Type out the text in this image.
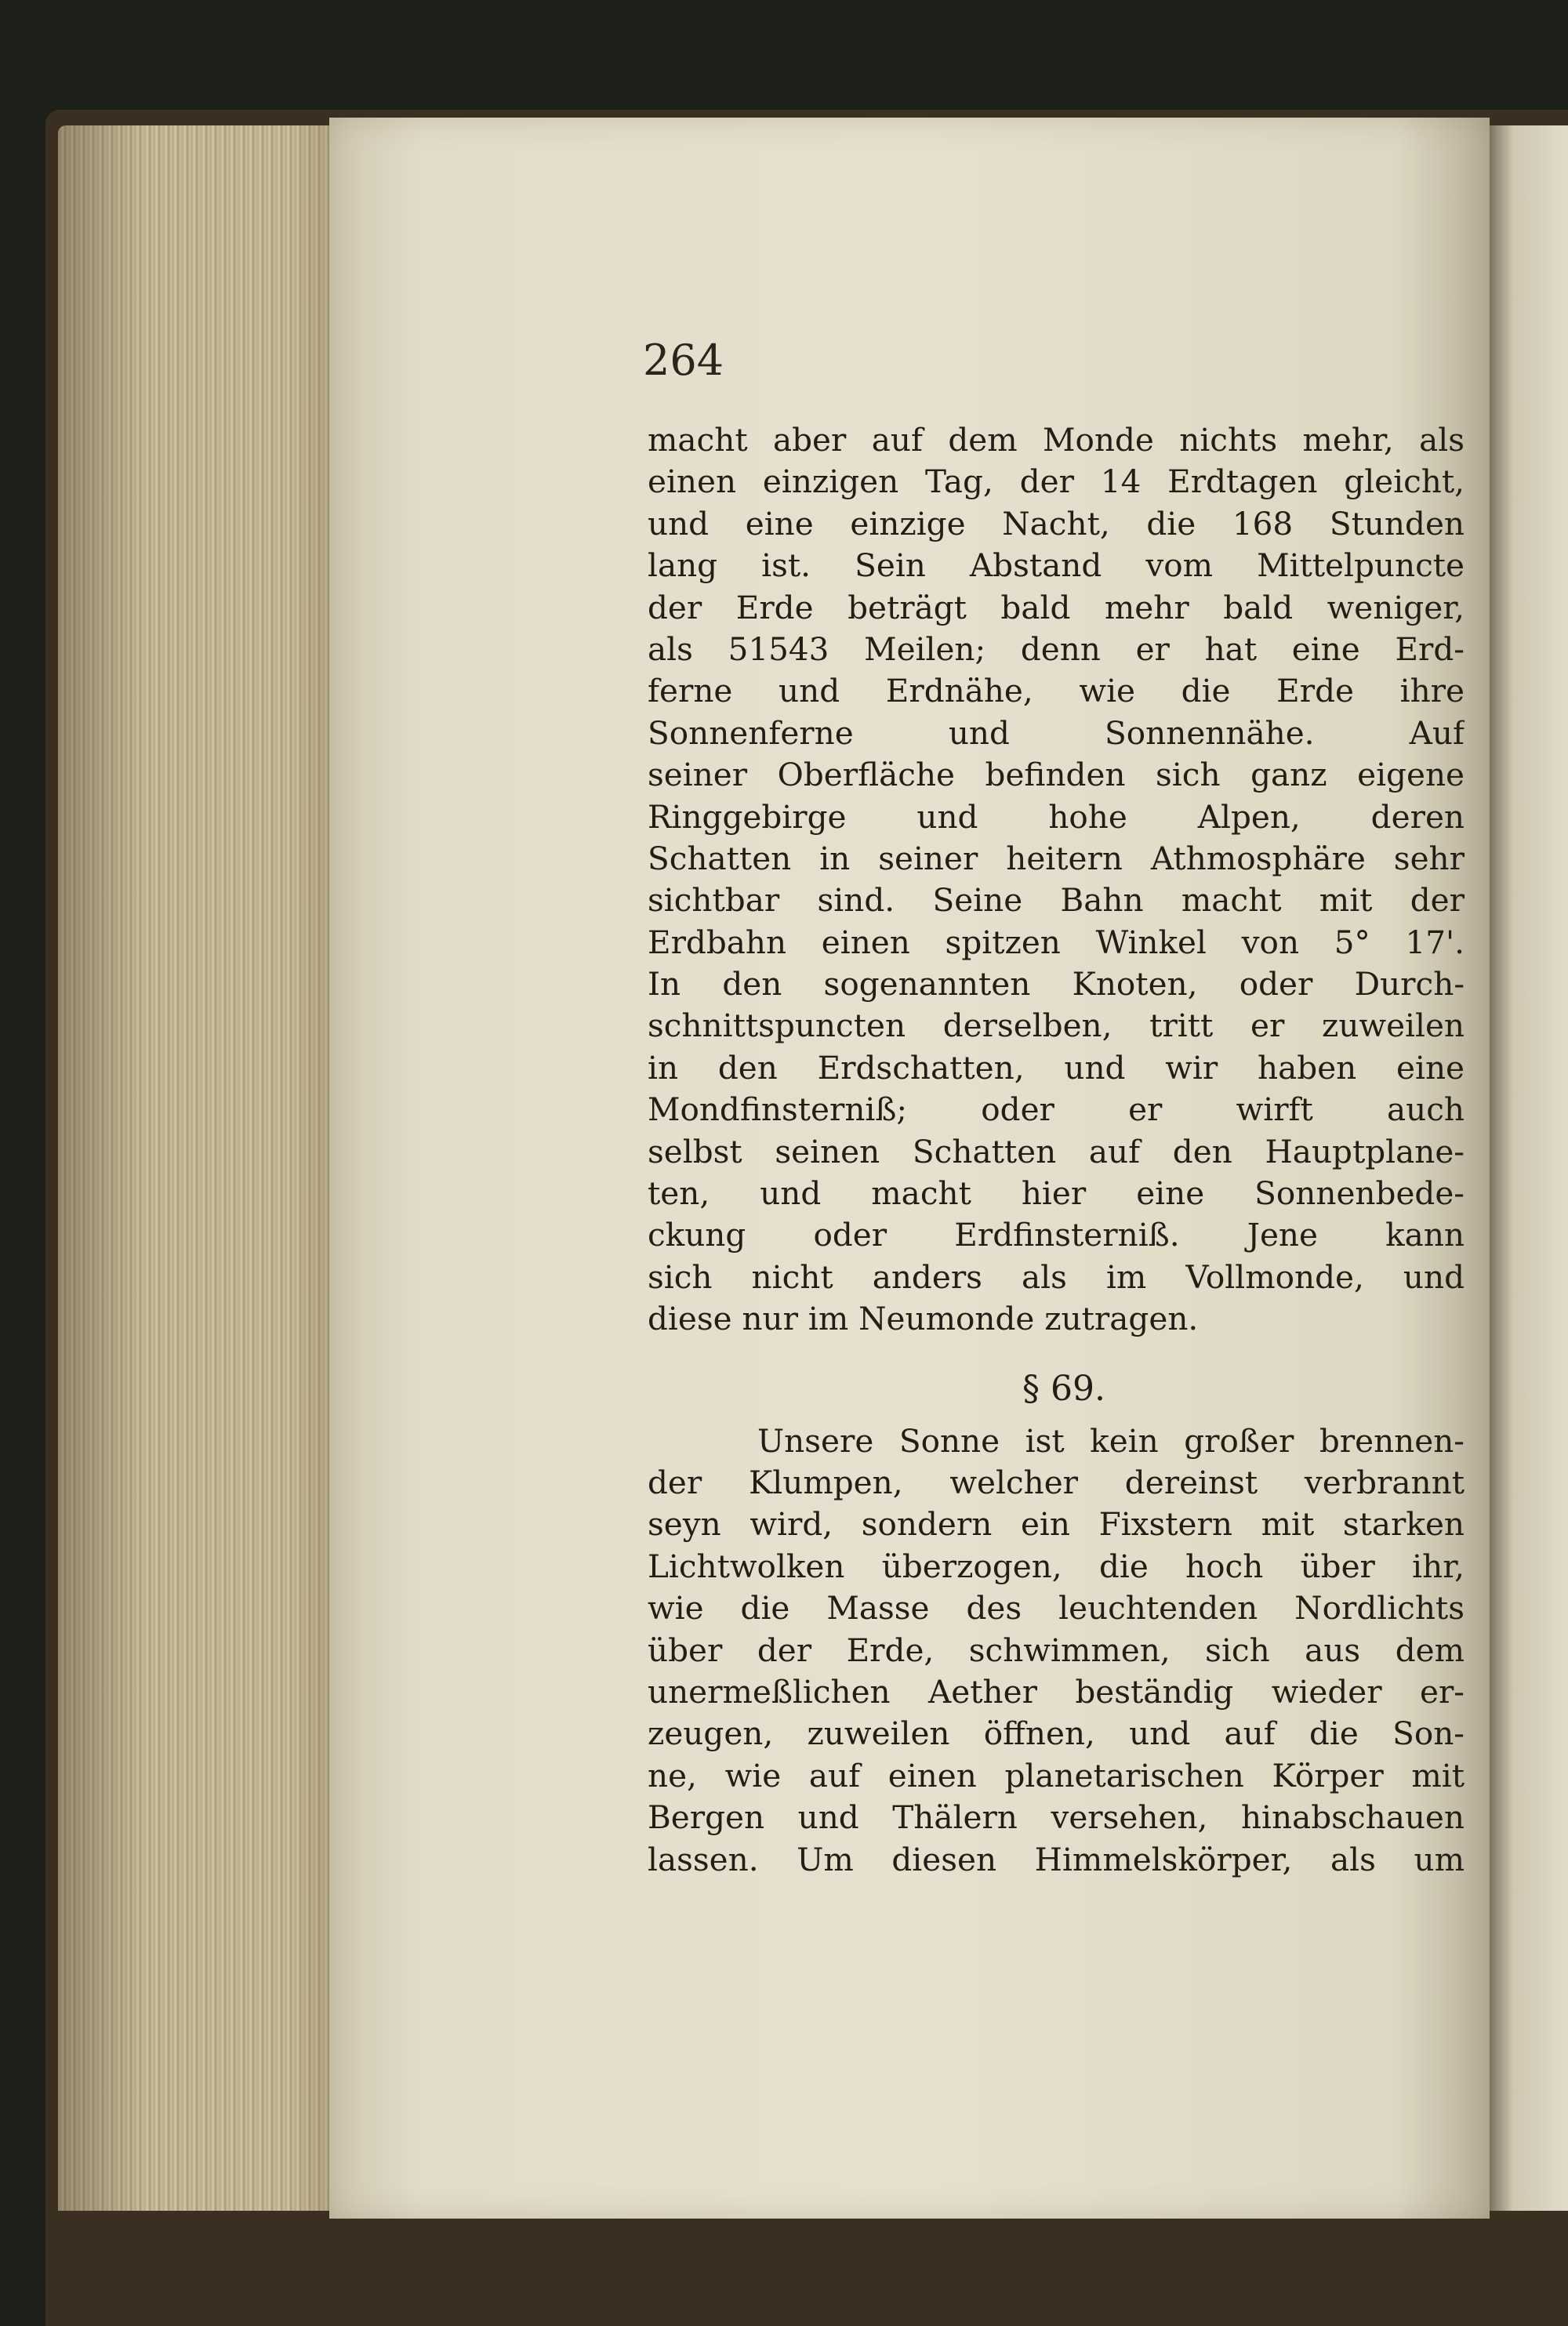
264

macht aber auf dem Monde nichts mehr, als
einen einzigen Tag, der 14 Erdtagen gleicht,
und eine einzige Nacht, die 168 Stunden
lang ist. Sein Abstand vom Mittelpuncte
der Erde beträgt bald mehr bald weniger,
als 51543 Meilen; denn er hat eine Erd-
ferne und Erdnähe, wie die Erde ihre
Sonnenferne und Sonnennähe. Auf
seiner Oberfläche befinden sich ganz eigene
Ringgebirge und hohe Alpen, deren
Schatten in seiner heitern Athmosphäre sehr
sichtbar sind. Seine Bahn macht mit der
Erdbahn einen spitzen Winkel von 5° 17'.
In den sogenannten Knoten, oder Durch-
schnittspuncten derselben, tritt er zuweilen
in den Erdschatten, und wir haben eine
Mondfinsterniß; oder er wirft auch
selbst seinen Schatten auf den Hauptplane-
ten, und macht hier eine Sonnenbede-
ckung oder Erdfinsterniß. Jene kann
sich nicht anders als im Vollmonde, und
diese nur im Neumonde zutragen.
§ 69.
Unsere Sonne ist kein großer brennen-
der Klumpen, welcher dereinst verbrannt
seyn wird, sondern ein Fixstern mit starken
Lichtwolken überzogen, die hoch über ihr,
wie die Masse des leuchtenden Nordlichts
über der Erde, schwimmen, sich aus dem
unermeßlichen Aether beständig wieder er-
zeugen, zuweilen öffnen, und auf die Son-
ne, wie auf einen planetarischen Körper mit
Bergen und Thälern versehen, hinabschauen
lassen. Um diesen Himmelskörper, als um
